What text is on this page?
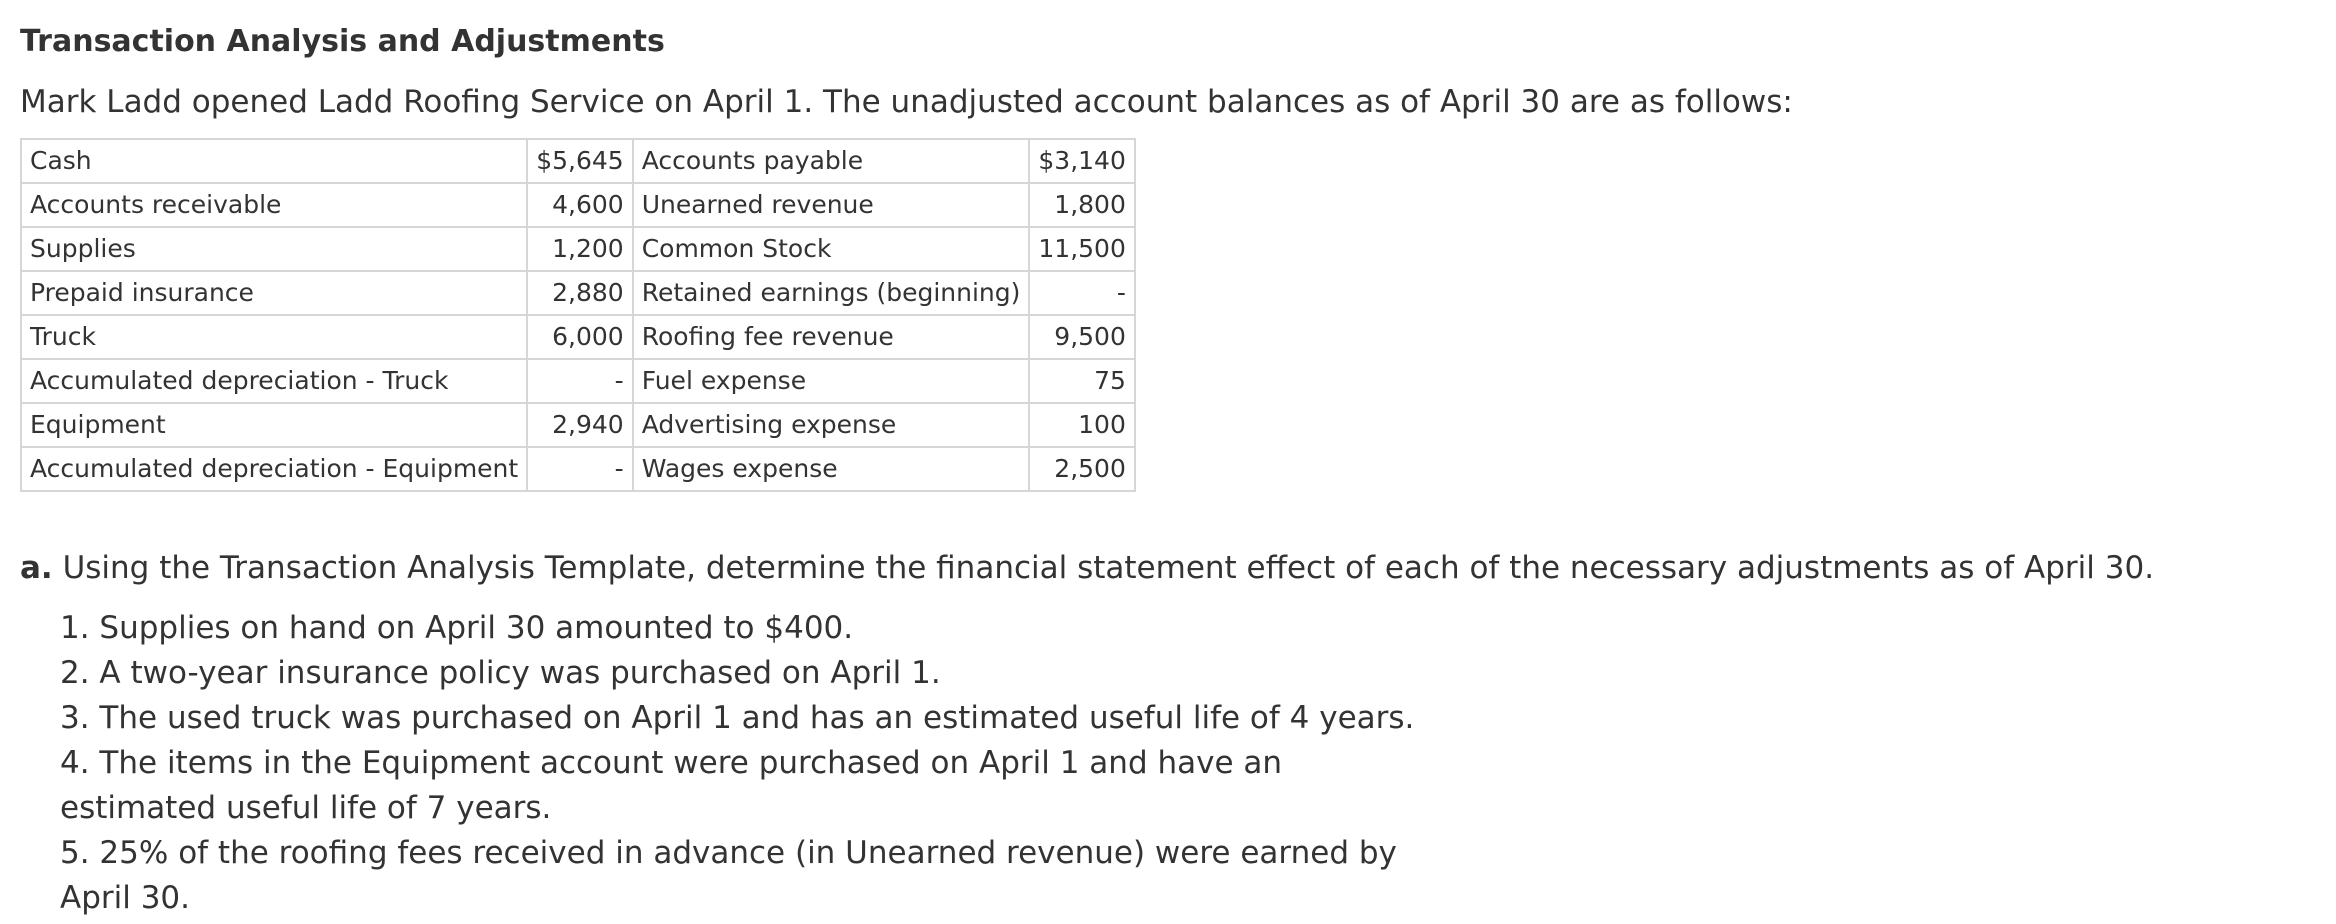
Transaction Analysis and Adjustments

Mark Ladd opened Ladd Roofing Service on April 1. The unadjusted account balances as of April 30 are as follows:

Cash	$5,645	Accounts payable	$3,140
Accounts receivable	4,600	Unearned revenue	1,800
Supplies	1,200	Common Stock	11,500
Prepaid insurance	2,880	Retained earnings (beginning)	-
Truck	6,000	Roofing fee revenue	9,500
Accumulated depreciation - Truck	-	Fuel expense	75
Equipment	2,940	Advertising expense	100
Accumulated depreciation - Equipment	-	Wages expense	2,500

a. Using the Transaction Analysis Template, determine the financial statement effect of each of the necessary adjustments as of April 30.

1. Supplies on hand on April 30 amounted to $400.
2. A two-year insurance policy was purchased on April 1.
3. The used truck was purchased on April 1 and has an estimated useful life of 4 years.
4. The items in the Equipment account were purchased on April 1 and have an estimated useful life of 7 years.
5. 25% of the roofing fees received in advance (in Unearned revenue) were earned by April 30.
